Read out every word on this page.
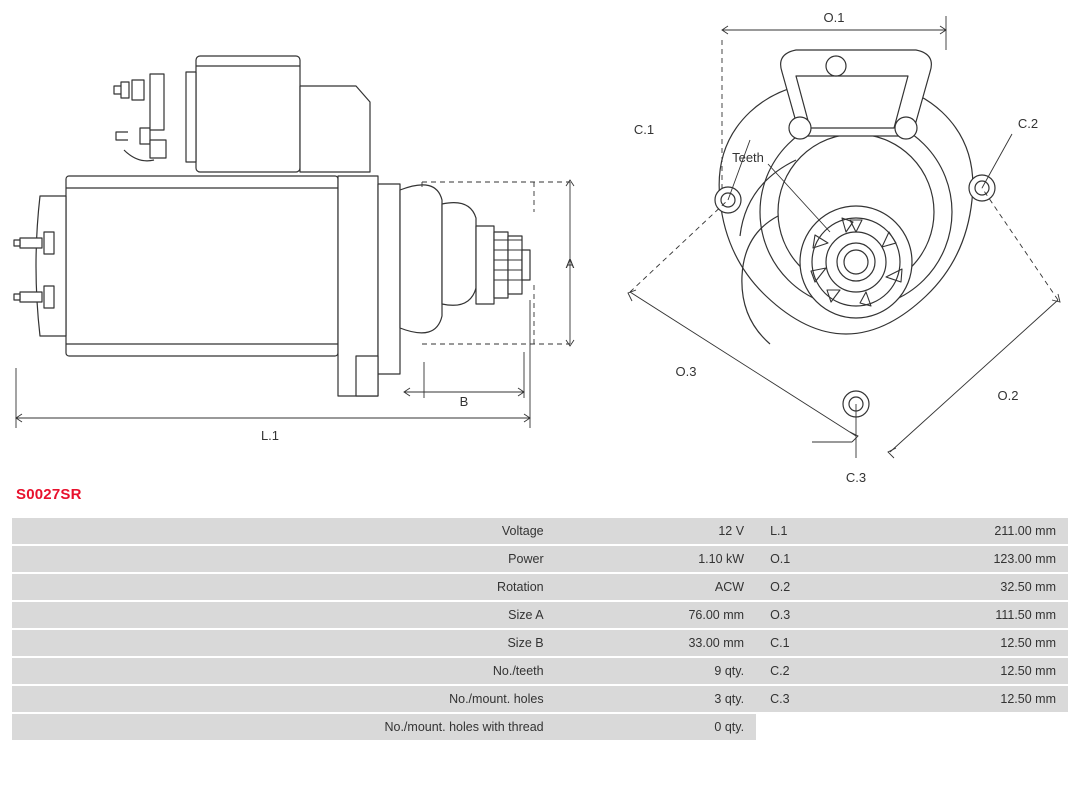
A
B
L.1
O.1
O.2
O.3
C.1	C.2
C.3
Teeth
S0027SR
Voltage	12 V	L.1	211.00 mm
Power	1.10 kW	O.1	123.00 mm
Rotation	ACW	O.2	32.50 mm
Size A	76.00 mm	O.3	111.50 mm
Size B	33.00 mm	C.1	12.50 mm
No./teeth	9 qty.	C.2	12.50 mm
No./mount. holes	3 qty.	C.3	12.50 mm
No./mount. holes with thread	0 qty.		
